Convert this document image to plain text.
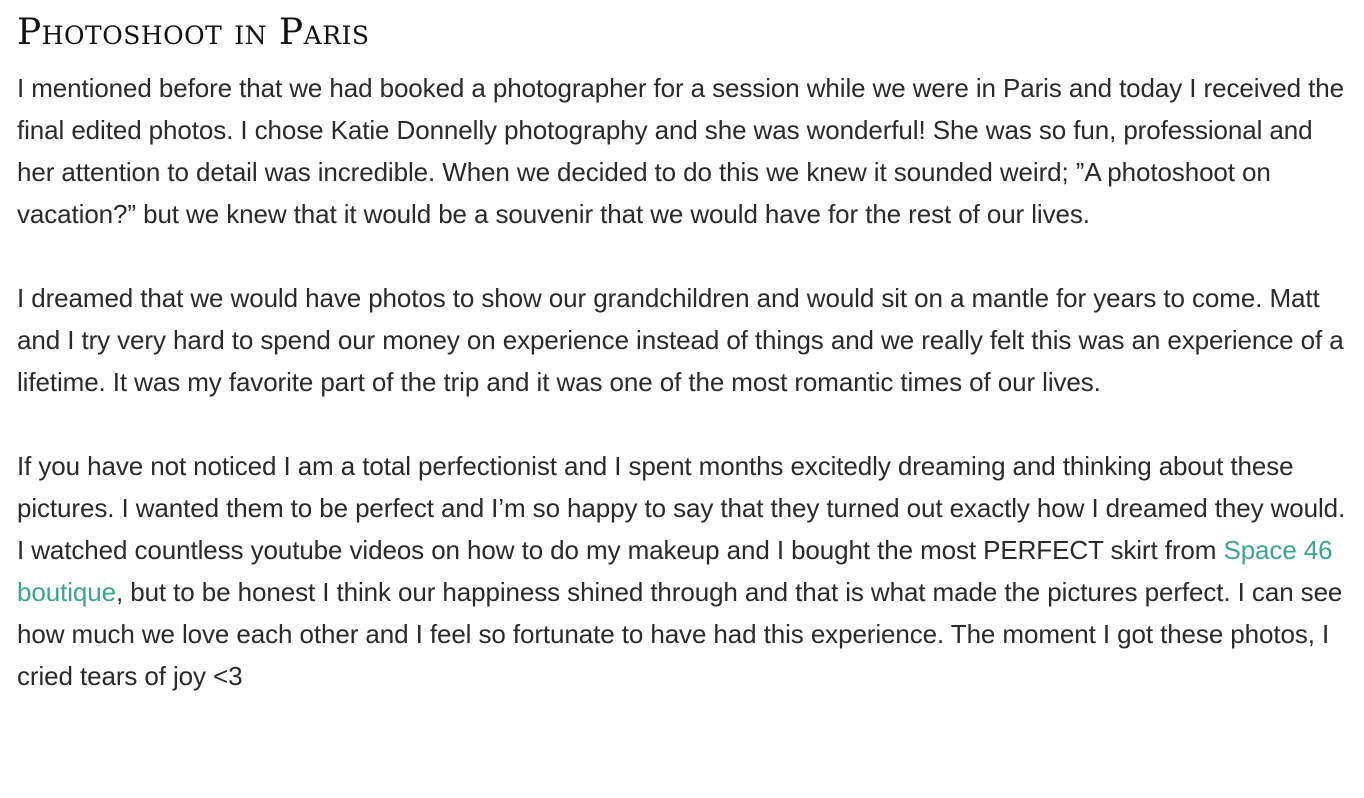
Photoshoot in Paris

I mentioned before that we had booked a photographer for a session while we were in Paris and today I received the final edited photos. I chose Katie Donnelly photography and she was wonderful! She was so fun, professional and her attention to detail was incredible. When we decided to do this we knew it sounded weird; ”A photoshoot on vacation?” but we knew that it would be a souvenir that we would have for the rest of our lives.

I dreamed that we would have photos to show our grandchildren and would sit on a mantle for years to come. Matt and I try very hard to spend our money on experience instead of things and we really felt this was an experience of a lifetime. It was my favorite part of the trip and it was one of the most romantic times of our lives.

If you have not noticed I am a total perfectionist and I spent months excitedly dreaming and thinking about these pictures. I wanted them to be perfect and I’m so happy to say that they turned out exactly how I dreamed they would. I watched countless youtube videos on how to do my makeup and I bought the most PERFECT skirt from Space 46 boutique, but to be honest I think our happiness shined through and that is what made the pictures perfect. I can see how much we love each other and I feel so fortunate to have had this experience. The moment I got these photos, I cried tears of joy <3
